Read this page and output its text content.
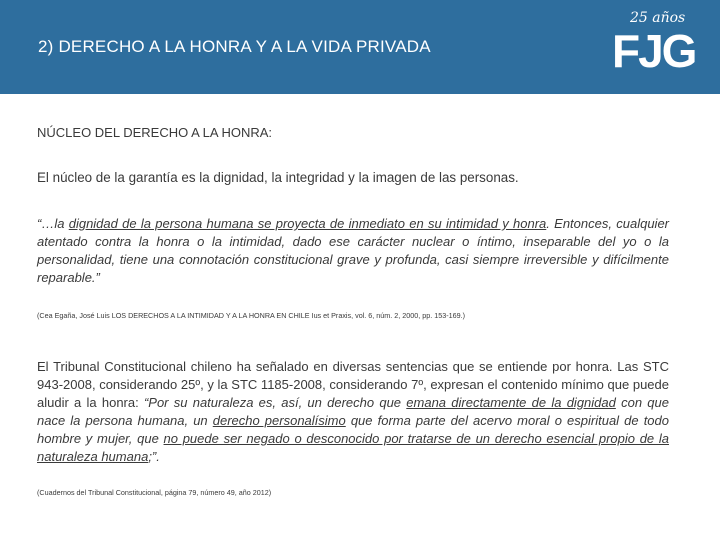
2) DERECHO A LA HONRA Y A LA VIDA PRIVADA
25 años
FJG

NÚCLEO DEL DERECHO A LA HONRA:

El núcleo de la garantía es la dignidad, la integridad y la imagen de las personas.

“…la dignidad de la persona humana se proyecta de inmediato en su intimidad y honra. Entonces, cualquier atentado contra la honra o la intimidad, dado ese carácter nuclear o íntimo, inseparable del yo o la personalidad, tiene una connotación constitucional grave y profunda, casi siempre irreversible y difícilmente reparable.”

(Cea Egaña, José Luis LOS DERECHOS A LA INTIMIDAD Y A LA HONRA EN CHILE Ius et Praxis, vol. 6, núm. 2, 2000, pp. 153-169.)

El Tribunal Constitucional chileno ha señalado en diversas sentencias que se entiende por honra. Las STC 943-2008, considerando 25º, y la STC 1185-2008, considerando 7º, expresan el contenido mínimo que puede aludir a la honra: “Por su naturaleza es, así, un derecho que emana directamente de la dignidad con que nace la persona humana, un derecho personalísimo que forma parte del acervo moral o espiritual de todo hombre y mujer, que no puede ser negado o desconocido por tratarse de un derecho esencial propio de la naturaleza humana;”.

(Cuadernos del Tribunal Constitucional, página 79, número 49, año 2012)
